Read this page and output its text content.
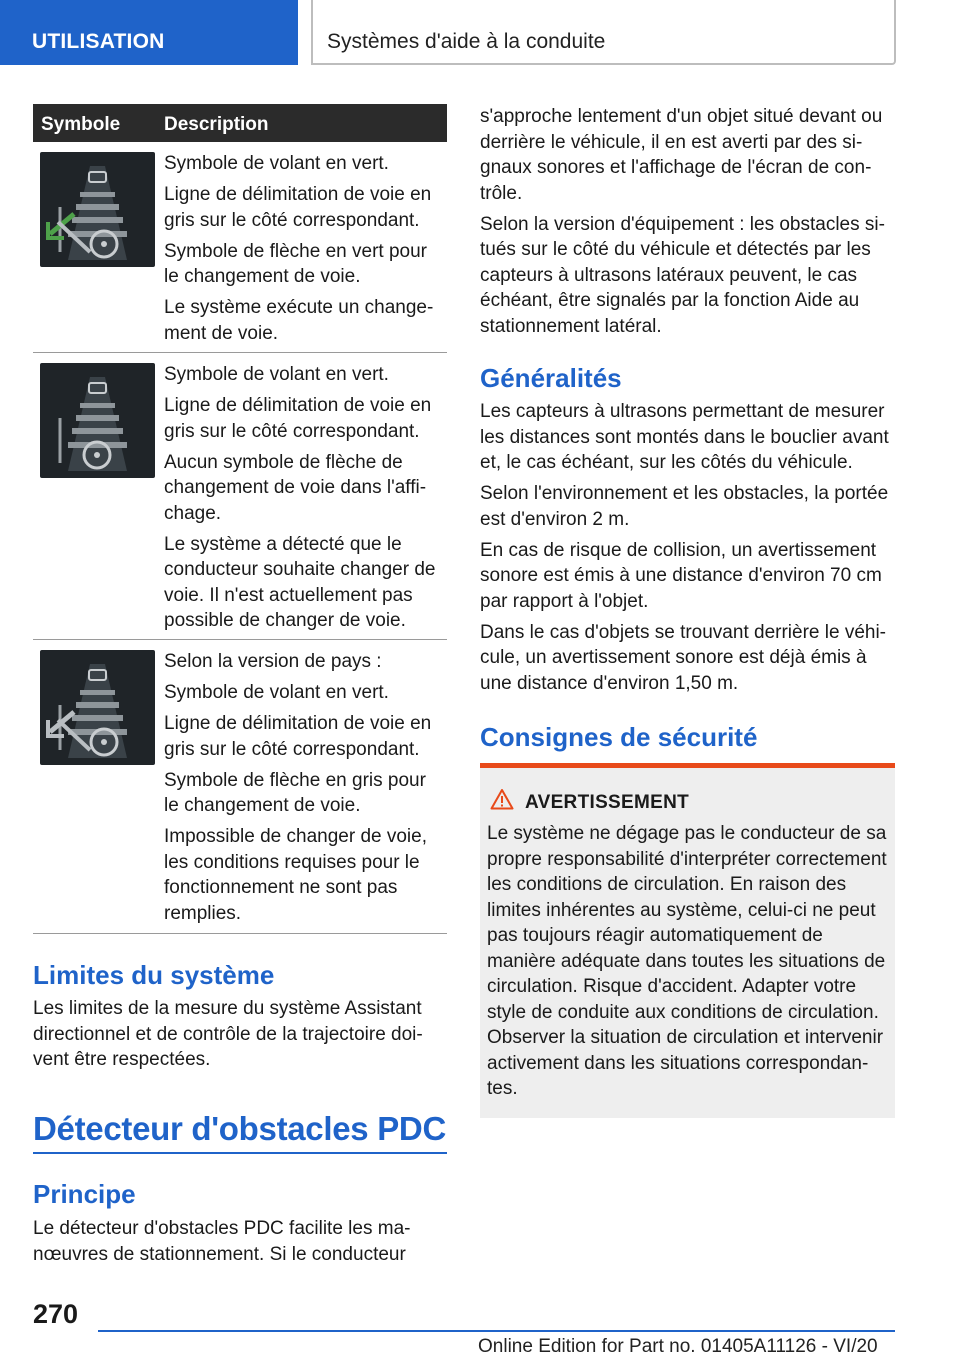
UTILISATION	Systèmes d'aide à la conduite
Symbole Description

Symbole de volant en vert.

Ligne de délimitation de voie en gris sur le côté correspondant.

Symbole de flèche en vert pour le changement de voie.

Le système exécute un changement de voie.

Symbole de volant en vert.

Ligne de délimitation de voie en gris sur le côté correspondant.

Aucun symbole de flèche de changement de voie dans l'affichage.

Le système a détecté que le conducteur souhaite changer de voie. Il n'est actuellement pas possible de changer de voie.

Selon la version de pays :

Symbole de volant en vert.

Ligne de délimitation de voie en gris sur le côté correspondant.

Symbole de flèche en gris pour le changement de voie.

Impossible de changer de voie, les conditions requises pour le fonctionnement ne sont pas remplies.

Limites du système
Les limites de la mesure du système Assistant directionnel et de contrôle de la trajectoire doivent être respectées.
Détecteur d'obstacles PDC
Principe
Le détecteur d'obstacles PDC facilite les manœuvres de stationnement. Si le conducteur

s'approche lentement d'un objet situé devant ou derrière le véhicule, il en est averti par des signaux sonores et l'affichage de l'écran de contrôle.

Selon la version d'équipement : les obstacles situés sur le côté du véhicule et détectés par les capteurs à ultrasons latéraux peuvent, le cas échéant, être signalés par la fonction Aide au stationnement latéral.

Généralités

Les capteurs à ultrasons permettant de mesurer les distances sont montés dans le bouclier avant et, le cas échéant, sur les côtés du véhicule.

Selon l'environnement et les obstacles, la portée est d'environ 2 m.

En cas de risque de collision, un avertissement sonore est émis à une distance d'environ 70 cm par rapport à l'objet.

Dans le cas d'objets se trouvant derrière le véhicule, un avertissement sonore est déjà émis à une distance d'environ 1,50 m.

Consignes de sécurité
AVERTISSEMENT
Le système ne dégage pas le conducteur de sa propre responsabilité d'interpréter correctement les conditions de circulation. En raison des limites inhérentes au système, celui-ci ne peut pas toujours réagir automatiquement de manière adéquate dans toutes les situations de circulation. Risque d'accident. Adapter votre style de conduite aux conditions de circulation. Observer la situation de circulation et intervenir activement dans les situations correspondantes.
270
Online Edition for Part no. 01405A11126 - VI/20
